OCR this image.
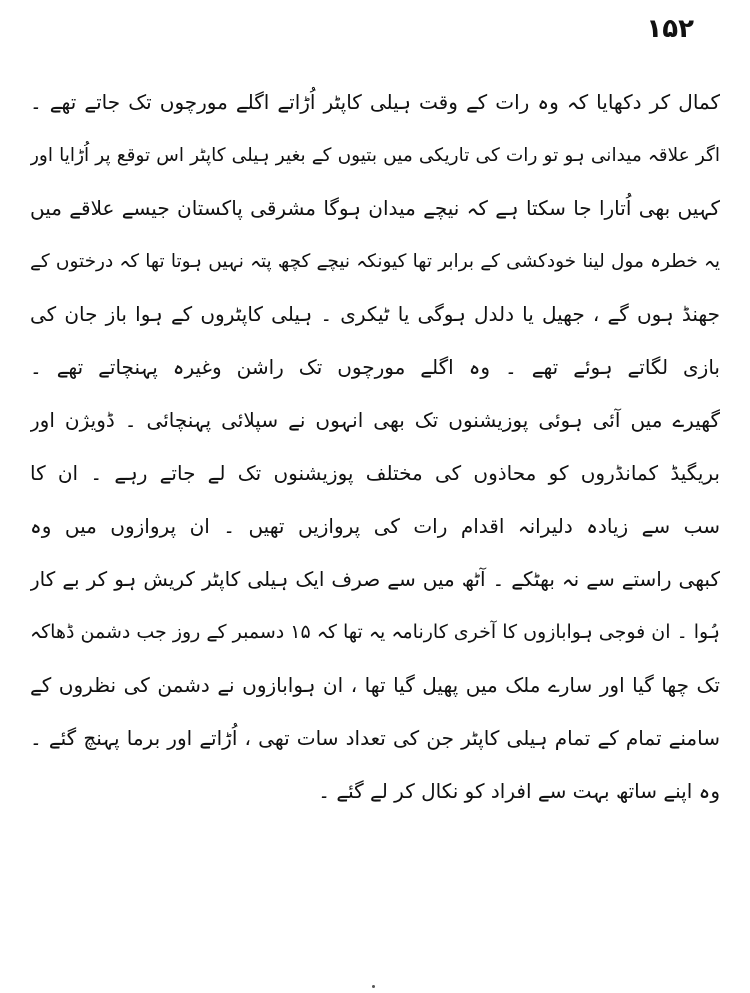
۱۵۲
کمال کر دکھایا کہ وہ رات کے وقت ہیلی کاپٹر اُڑاتے اگلے مورچوں تک جاتے تھے ۔
اگر علاقہ میدانی ہو تو رات کی تاریکی میں بتیوں کے بغیر ہیلی کاپٹر اس توقع پر اُڑایا اور
کہیں بھی اُتارا جا سکتا ہے کہ نیچے میدان ہوگا مشرقی پاکستان جیسے علاقے میں
یہ خطرہ مول لینا خودکشی کے برابر تھا کیونکہ نیچے کچھ پتہ نہیں ہوتا تھا کہ درختوں کے
جھنڈ ہوں گے ، جھیل یا دلدل ہوگی یا ٹیکری ۔ ہیلی کاپٹروں کے ہوا باز جان کی
بازی لگاتے ہوئے تھے ۔ وہ اگلے مورچوں تک راشن وغیرہ پہنچاتے تھے ۔
گھیرے میں آئی ہوئی پوزیشنوں تک بھی انہوں نے سپلائی پہنچائی ۔ ڈویژن اور
بریگیڈ کمانڈروں کو محاذوں کی مختلف پوزیشنوں تک لے جاتے رہے ۔ ان کا
سب سے زیادہ دلیرانہ اقدام رات کی پروازیں تھیں ۔ ان پروازوں میں وہ
کبھی راستے سے نہ بھٹکے ۔ آٹھ میں سے صرف ایک ہیلی کاپٹر کریش ہو کر بے کار
ہُوا ۔ ان فوجی ہوابازوں کا آخری کارنامہ یہ تھا کہ ۱۵ دسمبر کے روز جب دشمن ڈھاکہ
تک چھا گیا اور سارے ملک میں پھیل گیا تھا ، ان ہوابازوں نے دشمن کی نظروں کے
سامنے تمام کے تمام ہیلی کاپٹر جن کی تعداد سات تھی ، اُڑاتے اور برما پہنچ گئے ۔
وہ اپنے ساتھ بہت سے افراد کو نکال کر لے گئے ۔
